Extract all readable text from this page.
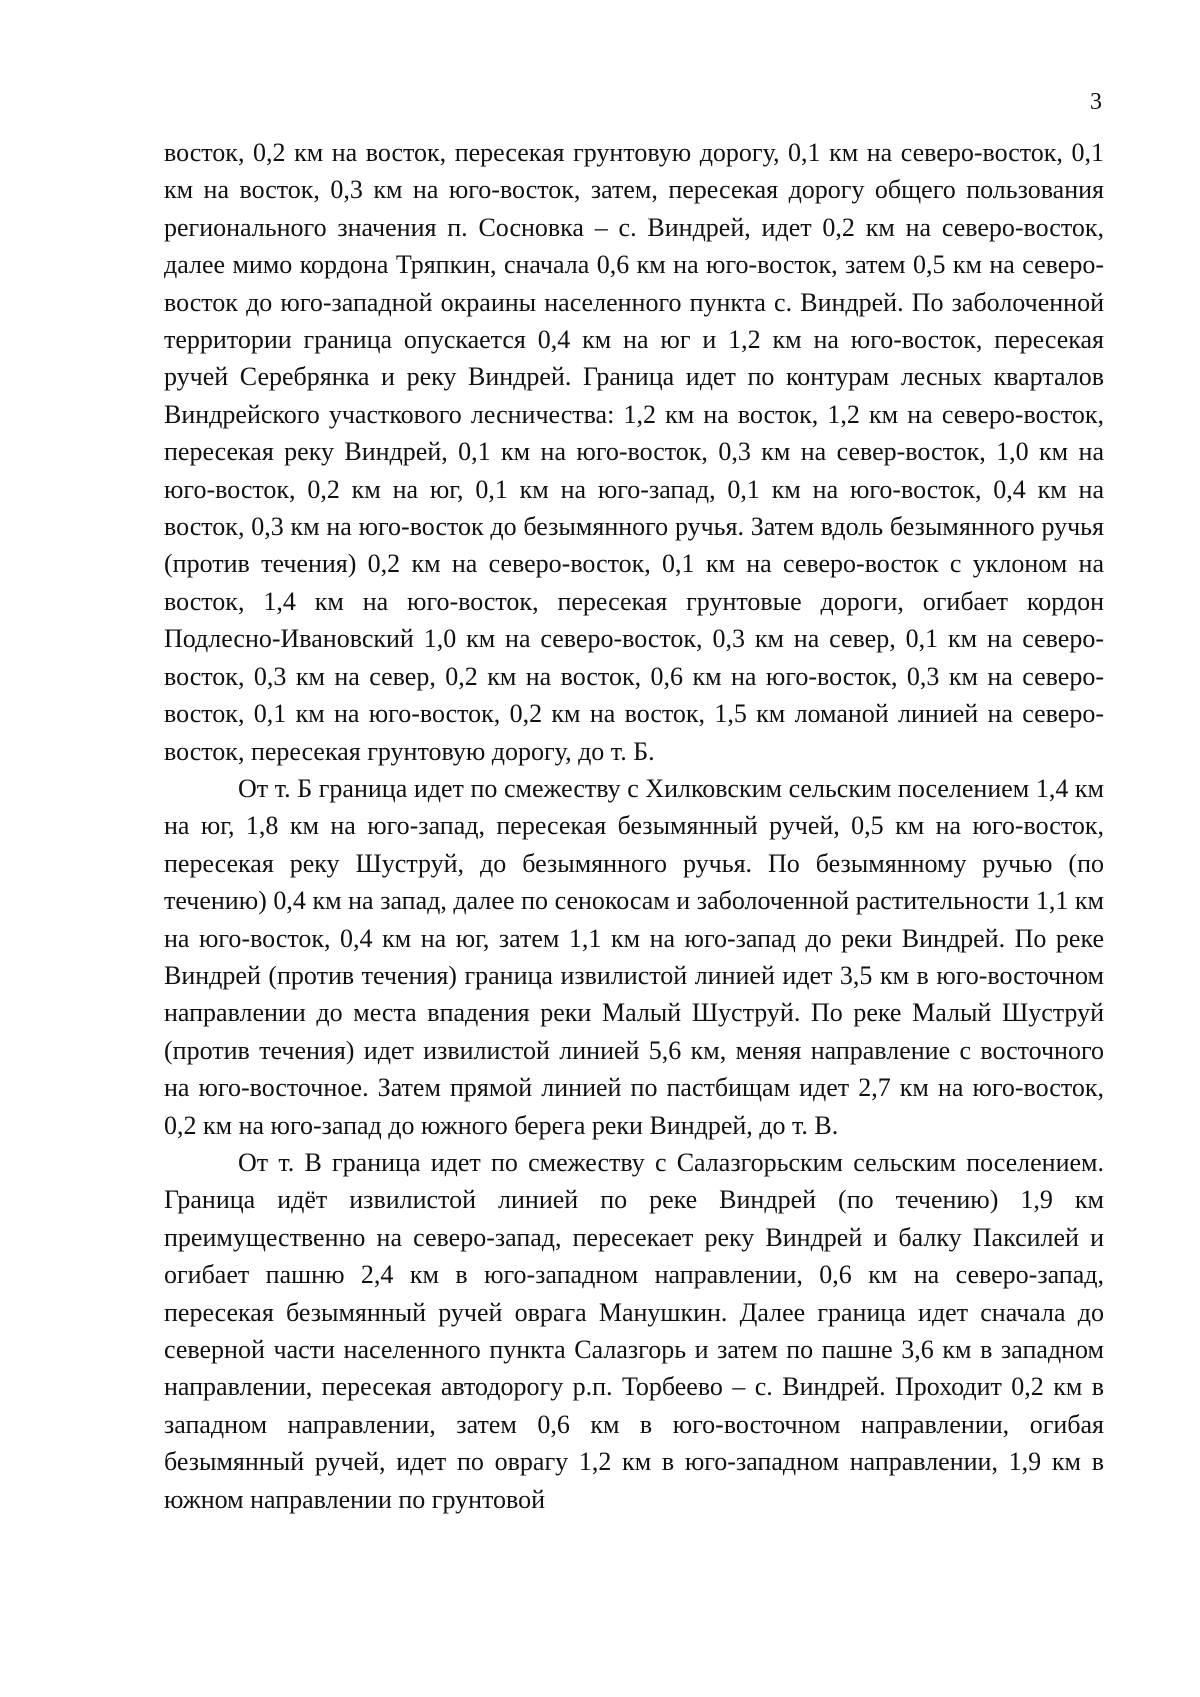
3

восток, 0,2 км на восток, пересекая грунтовую дорогу, 0,1 км на северо-восток, 0,1 км на восток, 0,3 км на юго-восток, затем, пересекая дорогу общего пользования регионального значения п. Сосновка – с. Виндрей, идет 0,2 км на северо-восток, далее мимо кордона Тряпкин, сначала 0,6 км на юго-восток, затем 0,5 км на северо-восток до юго-западной окраины населенного пункта с. Виндрей. По заболоченной территории граница опускается 0,4 км на юг и 1,2 км на юго-восток, пересекая ручей Серебрянка и реку Виндрей. Граница идет по контурам лесных кварталов Виндрейского участкового лесничества: 1,2 км на восток, 1,2 км на северо-восток, пересекая реку Виндрей, 0,1 км на юго-восток, 0,3 км на север-восток, 1,0 км на юго-восток, 0,2 км на юг, 0,1 км на юго-запад, 0,1 км на юго-восток, 0,4 км на восток, 0,3 км на юго-восток до безымянного ручья. Затем вдоль безымянного ручья (против течения) 0,2 км на северо-восток, 0,1 км на северо-восток с уклоном на восток, 1,4 км на юго-восток, пересекая грунтовые дороги, огибает кордон Подлесно-Ивановский 1,0 км на северо-восток, 0,3 км на север, 0,1 км на северо-восток, 0,3 км на север, 0,2 км на восток, 0,6 км на юго-восток, 0,3 км на северо-восток, 0,1 км на юго-восток, 0,2 км на восток, 1,5 км ломаной линией на северо-восток, пересекая грунтовую дорогу, до т. Б.

От т. Б граница идет по смежеству с Хилковским сельским поселением 1,4 км на юг, 1,8 км на юго-запад, пересекая безымянный ручей, 0,5 км на юго-восток, пересекая реку Шуструй, до безымянного ручья. По безымянному ручью (по течению) 0,4 км на запад, далее по сенокосам и заболоченной растительности 1,1 км на юго-восток, 0,4 км на юг, затем 1,1 км на юго-запад до реки Виндрей. По реке Виндрей (против течения) граница извилистой линией идет 3,5 км в юго-восточном направлении до места впадения реки Малый Шуструй. По реке Малый Шуструй (против течения) идет извилистой линией 5,6 км, меняя направление с восточного на юго-восточное. Затем прямой линией по пастбищам идет 2,7 км на юго-восток, 0,2 км на юго-запад до южного берега реки Виндрей, до т. В.

От т. В граница идет по смежеству с Салазгорьским сельским поселением. Граница идёт извилистой линией по реке Виндрей (по течению) 1,9 км преимущественно на северо-запад, пересекает реку Виндрей и балку Паксилей и огибает пашню 2,4 км в юго-западном направлении, 0,6 км на северо-запад, пересекая безымянный ручей оврага Манушкин. Далее граница идет сначала до северной части населенного пункта Салазгорь и затем по пашне 3,6 км в западном направлении, пересекая автодорогу р.п. Торбеево – с. Виндрей. Проходит 0,2 км в западном направлении, затем 0,6 км в юго-восточном направлении, огибая безымянный ручей, идет по оврагу 1,2 км в юго-западном направлении, 1,9 км в южном направлении по грунтовой
